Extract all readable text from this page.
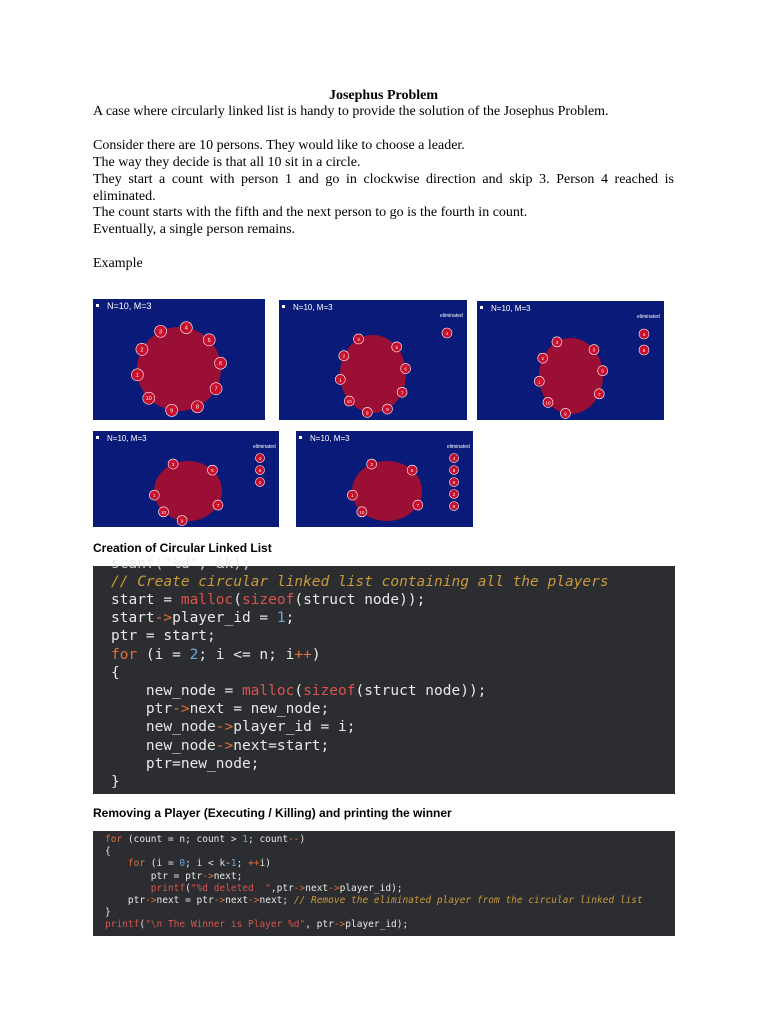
Josephus Problem
A case where circularly linked list is handy to provide the solution of the Josephus Problem.
Consider there are 10 persons. They would like to choose a leader.
The way they decide is that all 10 sit in a circle.
They start a count with person 1 and go in clockwise direction and skip 3. Person 4 reached is eliminated.
The count starts with the fifth and the next person to go is the fourth in count.
Eventually, a single person remains.
Example
N=10, M=3
4
5
6
7
8
9
10
1
2
3
N=10, M=3
eliminated
5
6
7
8
9
10
1
2
3
4
N=10, M=3
eliminated
5
6
7
9
10
1
2
3
4
8
N=10, M=3
eliminated
3
5
7
9
10
1
4
8
2
N=10, M=3
eliminated
3
5
7
10
1
4
8
6
2
9
Creation of Circular Linked List

scanf("%d", &k);

// Create circular linked list containing all the players

start = malloc(sizeof(struct node));
start->player_id = 1;
ptr = start;
for (i = 2; i <= n; i++)
{
new_node = malloc(sizeof(struct node));
ptr->next = new_node;
new_node->player_id = i;
new_node->next=start;
ptr=new_node;
}

Removing a Player (Executing / Killing) and printing the winner

for (count = n; count > 1; count--)
{
for (i = 0; i < k-1; ++i)
ptr = ptr->next;
printf("%d deleted  ",ptr->next->player_id);
ptr->next = ptr->next->next; // Remove the eliminated player from the circular linked list
}
printf("\n The Winner is Player %d", ptr->player_id);
